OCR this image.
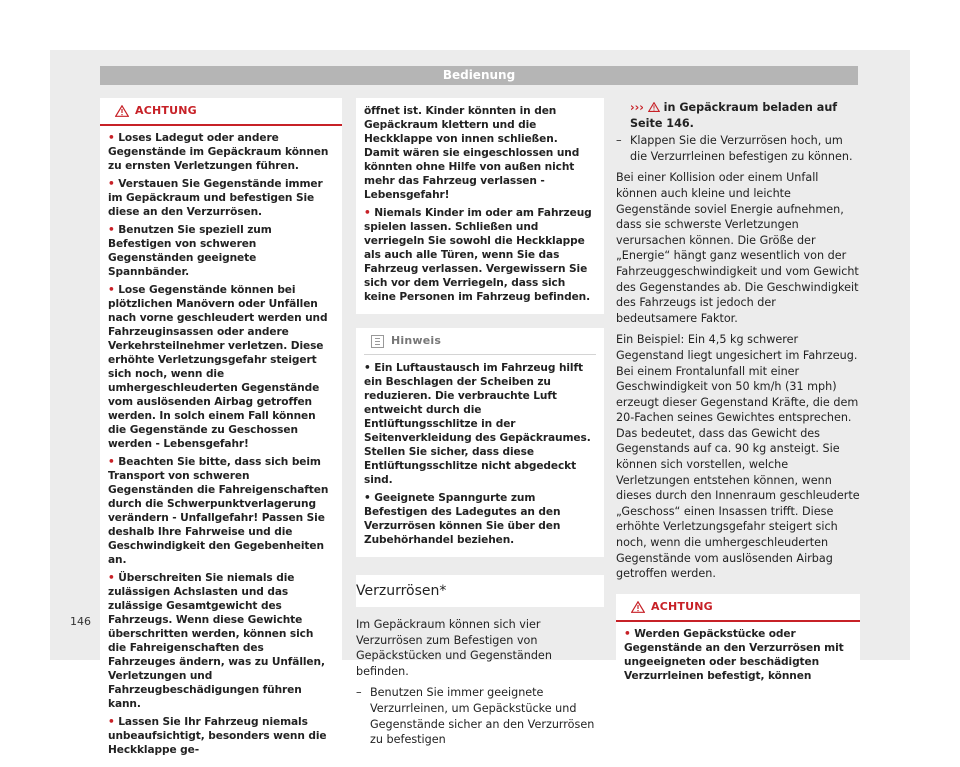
Bedienung
ACHTUNG
• Loses Ladegut oder andere Gegenstände im Gepäckraum können zu ernsten Verletzungen führen.
• Verstauen Sie Gegenstände immer im Gepäckraum und befestigen Sie diese an den Verzurrösen.
• Benutzen Sie speziell zum Befestigen von schweren Gegenständen geeignete Spannbänder.
• Lose Gegenstände können bei plötzlichen Manövern oder Unfällen nach vorne geschleudert werden und Fahrzeuginsassen oder andere Verkehrsteilnehmer verletzen. Diese erhöhte Verletzungsgefahr steigert sich noch, wenn die umhergeschleuderten Gegenstände vom auslösenden Airbag getroffen werden. In solch einem Fall können die Gegenstände zu Geschossen werden - Lebensgefahr!
• Beachten Sie bitte, dass sich beim Transport von schweren Gegenständen die Fahreigenschaften durch die Schwerpunktverlagerung verändern - Unfallgefahr! Passen Sie deshalb Ihre Fahrweise und die Geschwindigkeit den Gegebenheiten an.
• Überschreiten Sie niemals die zulässigen Achslasten und das zulässige Gesamtgewicht des Fahrzeugs. Wenn diese Gewichte überschritten werden, können sich die Fahreigenschaften des Fahrzeuges ändern, was zu Unfällen, Verletzungen und Fahrzeugbeschädigungen führen kann.
• Lassen Sie Ihr Fahrzeug niemals unbeaufsichtigt, besonders wenn die Heckklappe ge-
öffnet ist. Kinder könnten in den Gepäckraum klettern und die Heckklappe von innen schließen. Damit wären sie eingeschlossen und könnten ohne Hilfe von außen nicht mehr das Fahrzeug verlassen - Lebensgefahr!
• Niemals Kinder im oder am Fahrzeug spielen lassen. Schließen und verriegeln Sie sowohl die Heckklappe als auch alle Türen, wenn Sie das Fahrzeug verlassen. Vergewissern Sie sich vor dem Verriegeln, dass sich keine Personen im Fahrzeug befinden.
Hinweis
• Ein Luftaustausch im Fahrzeug hilft ein Beschlagen der Scheiben zu reduzieren. Die verbrauchte Luft entweicht durch die Entlüftungsschlitze in der Seitenverkleidung des Gepäckraumes. Stellen Sie sicher, dass diese Entlüftungsschlitze nicht abgedeckt sind.
• Geeignete Spanngurte zum Befestigen des Ladegutes an den Verzurrösen können Sie über den Zubehörhandel beziehen.
Verzurrösen*

Im Gepäckraum können sich vier Verzurrösen zum Befestigen von Gepäckstücken und Gegenständen befinden.

– Benutzen Sie immer geeignete Verzurrleinen, um Gepäckstücke und Gegenstände sicher an den Verzurrösen zu befestigen
››› in Gepäckraum beladen auf Seite 146.
– Klappen Sie die Verzurrösen hoch, um die Verzurrleinen befestigen zu können.

Bei einer Kollision oder einem Unfall können auch kleine und leichte Gegenstände soviel Energie aufnehmen, dass sie schwerste Verletzungen verursachen können. Die Größe der „Energie“ hängt ganz wesentlich von der Fahrzeuggeschwindigkeit und vom Gewicht des Gegenstandes ab. Die Geschwindigkeit des Fahrzeugs ist jedoch der bedeutsamere Faktor.

Ein Beispiel: Ein 4,5 kg schwerer Gegenstand liegt ungesichert im Fahrzeug. Bei einem Frontalunfall mit einer Geschwindigkeit von 50 km/h (31 mph) erzeugt dieser Gegenstand Kräfte, die dem 20-Fachen seines Gewichtes entsprechen. Das bedeutet, dass das Gewicht des Gegenstands auf ca. 90 kg ansteigt. Sie können sich vorstellen, welche Verletzungen entstehen können, wenn dieses durch den Innenraum geschleuderte „Geschoss“ einen Insassen trifft. Diese erhöhte Verletzungsgefahr steigert sich noch, wenn die umhergeschleuderten Gegenstände vom auslösenden Airbag getroffen werden.

ACHTUNG
• Werden Gepäckstücke oder Gegenstände an den Verzurrösen mit ungeeigneten oder beschädigten Verzurrleinen befestigt, können
146
